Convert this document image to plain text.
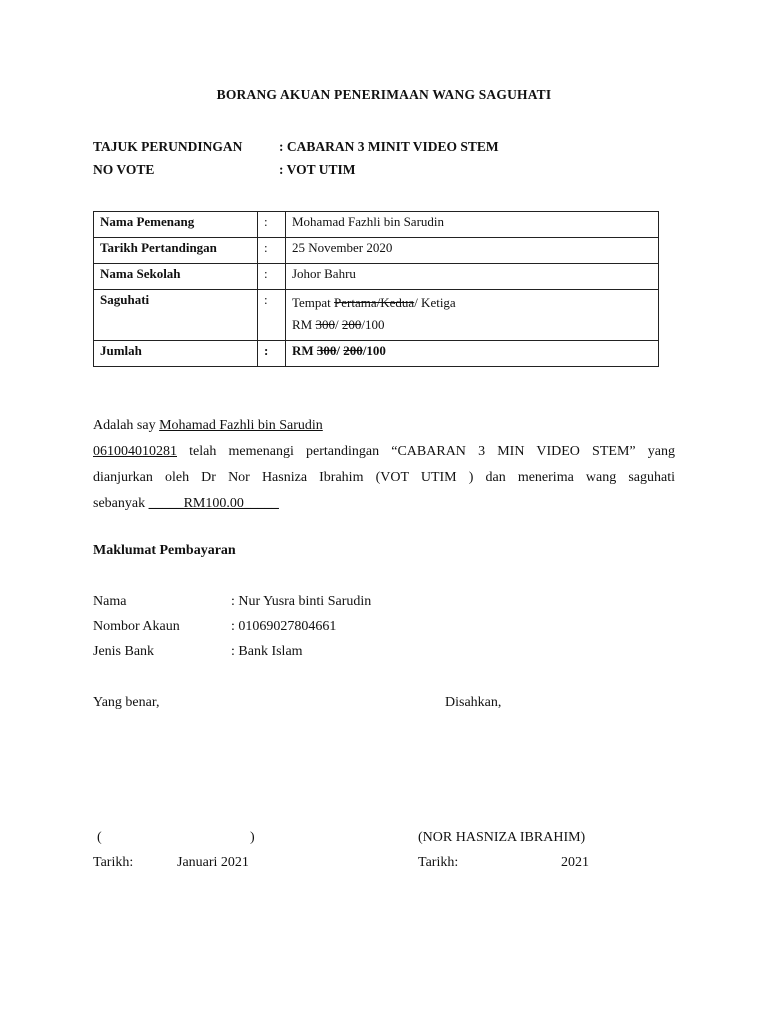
BORANG AKUAN PENERIMAAN WANG SAGUHATI
TAJUK PERUNDINGAN	: CABARAN 3 MINIT VIDEO STEM
NO VOTE	: VOT UTIM
Nama Pemenang	:	Mohamad Fazhli bin Sarudin
Tarikh Pertandingan	:	25 November 2020
Nama Sekolah	:	Johor Bahru
Saguhati	:	Tempat Pertama/Kedua/ Ketiga
RM 300/ 200/100

Jumlah	:	RM 300/ 200/100
Adalah say Mohamad Fazhli bin Sarudin
061004010281 telah memenangi pertandingan “CABARAN 3 MIN VIDEO STEM” yang
dianjurkan oleh Dr Nor Hasniza Ibrahim (VOT UTIM ) dan menerima wang saguhati
sebanyak _____RM100.00_____
Maklumat Pembayaran
Nama	: Nur Yusra binti Sarudin
Nombor Akaun	: 01069027804661
Jenis Bank	: Bank Islam
Yang benar,	Disahkan,
(	)	(NOR HASNIZA IBRAHIM)
Tarikh:	Januari 2021	Tarikh:	2021
